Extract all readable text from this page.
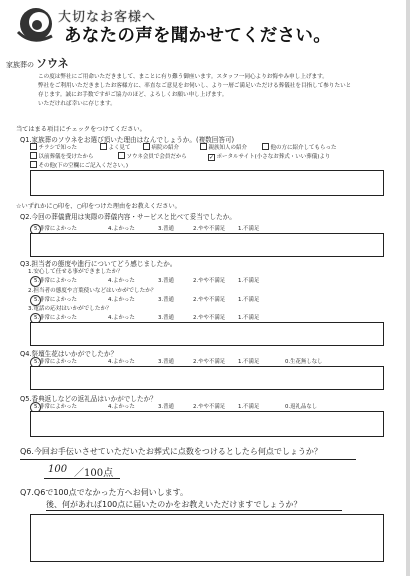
家族葬の ソウネ
大切なお客様へ
あなたの声を聞かせてください。
この度は弊社にご用命いただきまして、まことに有り難う御座います。スタッフ一同心よりお悔やみ申し上げます。
弊社をご利用いただきましたお客様方に、率直なご意見をお伺いし、より一層ご満足いただける葬儀社を目指して参りたいと
存じます。誠にお手数ですがご協力のほど、よろしくお願い申し上げます。
いただければ幸いに存じます。
当てはまる項目にチェックをつけてください。
Q1.家族葬のソウネをお選び頂いた理由はなんでしょうか。(複数回答可)
チラシで知った	よく見て	病院の紹介	親族知人の紹介	他の方に紹介してもらった
以前葬儀を受けたから	ソウネ会員で会員だから	✓ ポータルサイト(小さなお葬式・いい葬儀)より
その他(下の空欄にご記入ください。)
☆いずれかに○印を、○印をつけた理由をお教えください。
Q2.今回の葬儀費用は実際の葬儀内容・サービスと比べて妥当でしたか。
5.非常によかった	4.よかった	3.普通	2.やや不満足 1.不満足
Q3.担当者の態度や進行についてどう感じましたか。
1.安心して任せる事ができましたか？
5.非常によかった	4.よかった	3.普通	2.やや不満足 1.不満足
2.担当者の態度や言葉使いなどはいかがでしたか？
5.非常によかった	4.よかった	3.普通	2.やや不満足 1.不満足
3.電話の応対はいかがでしたか？
5.非常によかった	4.よかった	3.普通	2.やや不満足 1.不満足
Q4.祭壇生花はいかがでしたか？
5.非常によかった	4.よかった	3.普通	2.やや不満足 1.不満足	0.生花無しなし
Q5.香典返しなどの返礼品はいかがでしたか？
5.非常によかった	4.よかった	3.普通	2.やや不満足 1.不満足	0.返礼品なし
Q6.今回お手伝いさせていただいたお葬式に点数をつけるとしたら何点でしょうか？
100 ／100点
Q7.Q6で100点でなかった方へお伺いします。
後、何があれば100点に届いたのかをお教えいただけますでしょうか？
